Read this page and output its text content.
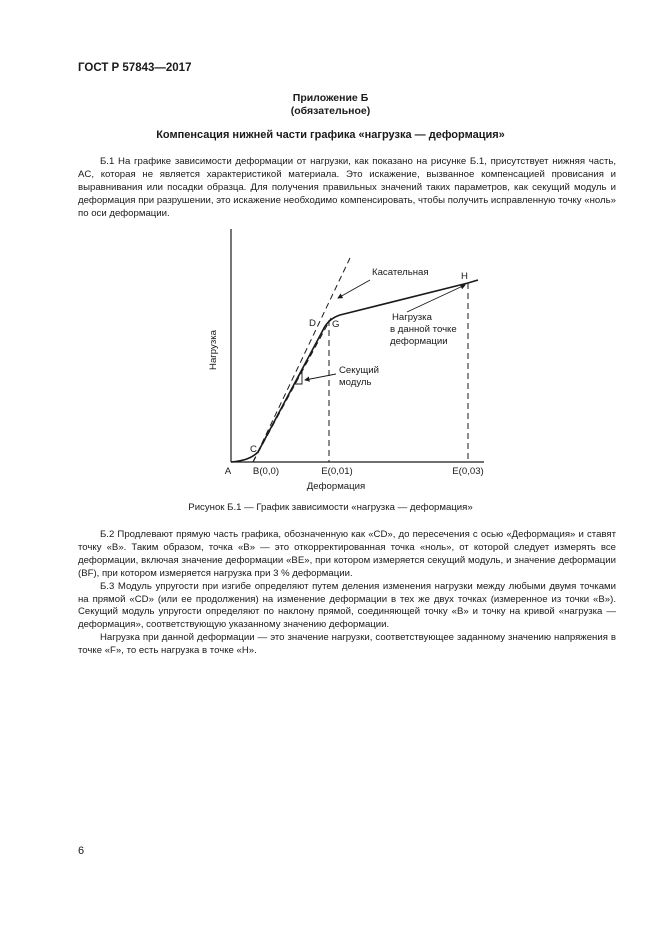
ГОСТ Р 57843—2017
Приложение Б
(обязательное)
Компенсация нижней части графика «нагрузка — деформация»

Б.1 На графике зависимости деформации от нагрузки, как показано на рисунке Б.1, присутствует нижняя часть, AC, которая не является характеристикой материала. Это искажение, вызванное компенсацией провисания и выравнивания или посадки образца. Для получения правильных значений таких параметров, как секущий модуль и деформация при разрушении, это искажение необходимо компенсировать, чтобы получить исправленную точку «ноль» по оси деформации.

Нагрузка
Деформация
A B(0,0)	E(0,01)	E(0,03)
C
D G
H
Касательная
Нагрузка
в данной точке
деформации
Секущий
модуль
Рисунок Б.1 — График зависимости «нагрузка — деформация»

Б.2 Продлевают прямую часть графика, обозначенную как «CD», до пересечения с осью «Деформация» и ставят точку «B». Таким образом, точка «B» — это откорректированная точка «ноль», от которой следует измерять все деформации, включая значение деформации «BE», при котором измеряется секущий модуль, и значение деформации (BF), при котором измеряется нагрузка при 3 % деформации.

Б.3 Модуль упругости при изгибе определяют путем деления изменения нагрузки между любыми двумя точками на прямой «CD» (или ее продолжения) на изменение деформации в тех же двух точках (измеренное из точки «B»). Секущий модуль упругости определяют по наклону прямой, соединяющей точку «B» и точку на кривой «нагрузка — деформация», соответствующую указанному значению деформации.

Нагрузка при данной деформации — это значение нагрузки, соответствующее заданному значению напряжения в точке «F», то есть нагрузка в точке «H».

6
